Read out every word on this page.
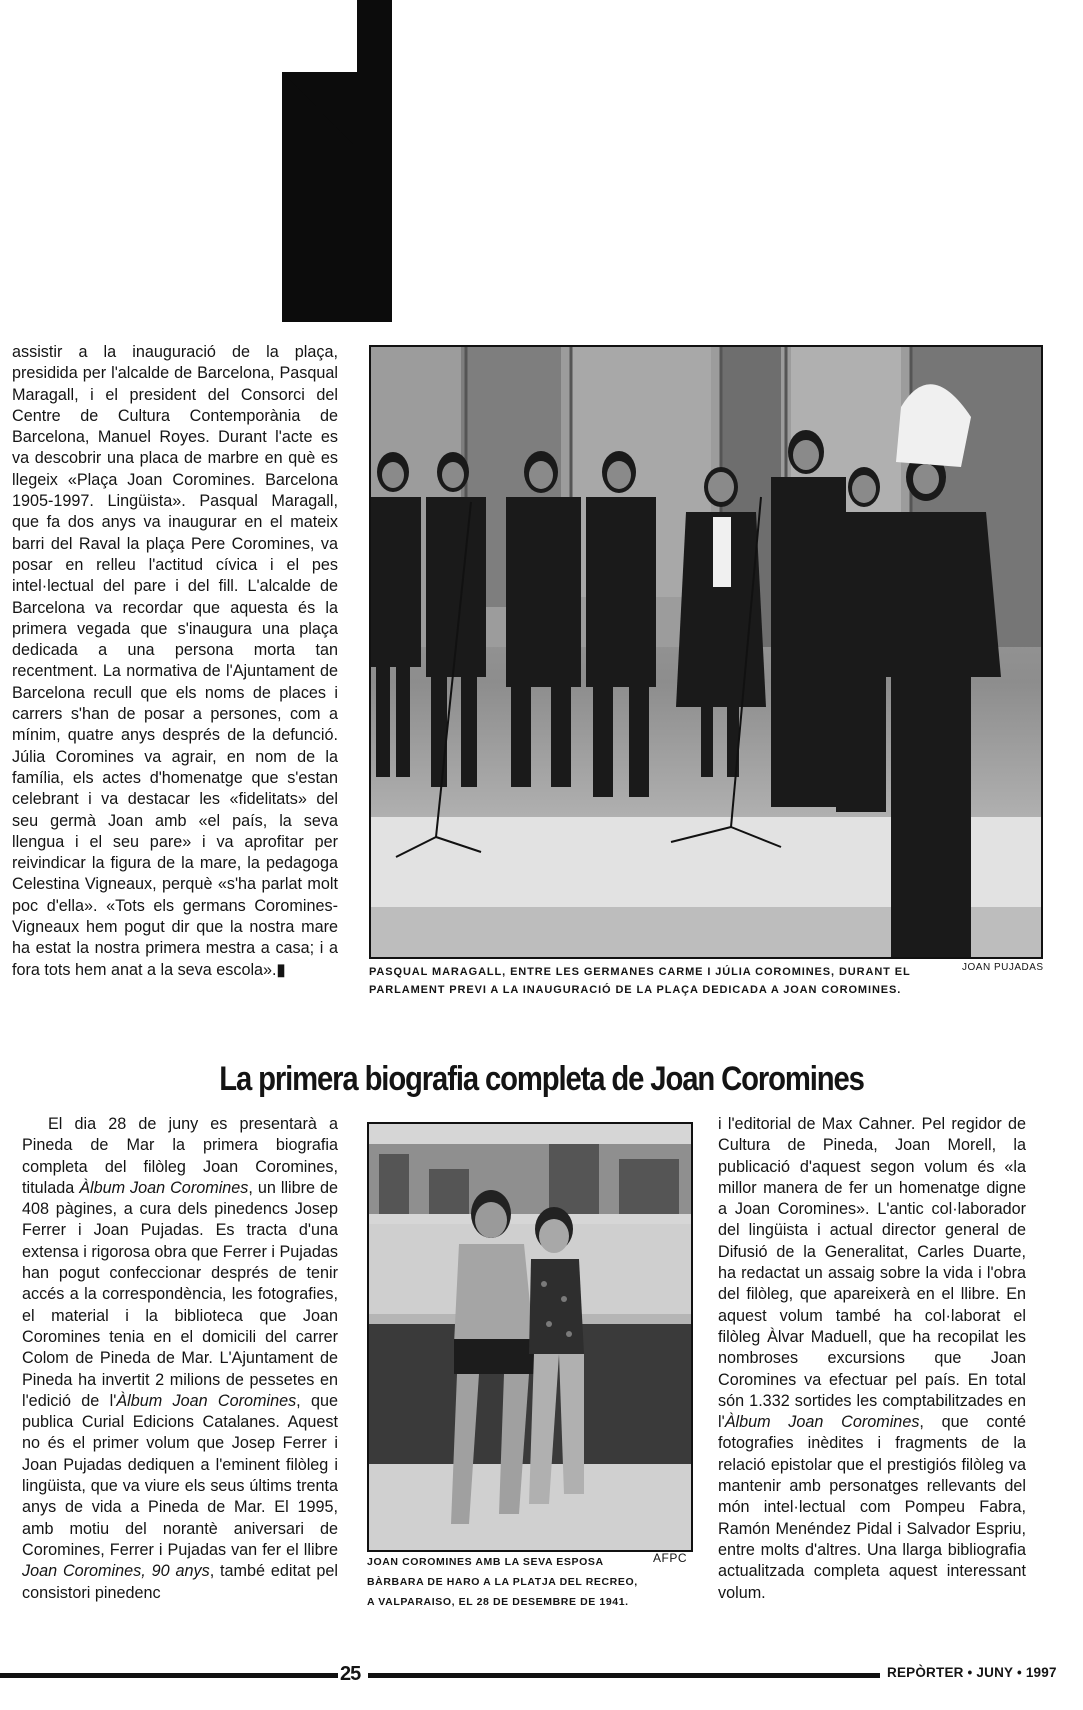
assistir a la inauguració de la plaça, presidida per l'alcalde de Barcelona, Pasqual Maragall, i el president del Consorci del Centre de Cultura Contemporània de Barcelona, Manuel Royes. Durant l'acte es va descobrir una placa de marbre en què es llegeix «Plaça Joan Coromines. Barcelona 1905-1997. Lingüista». Pasqual Maragall, que fa dos anys va inaugurar en el mateix barri del Raval la plaça Pere Coromines, va posar en relleu l'actitud cívica i el pes intel·lectual del pare i del fill. L'alcalde de Barcelona va recordar que aquesta és la primera vegada que s'inaugura una plaça dedicada a una persona morta tan recentment. La normativa de l'Ajuntament de Barcelona recull que els noms de places i carrers s'han de posar a persones, com a mínim, quatre anys després de la defunció. Júlia Coromines va agrair, en nom de la família, els actes d'homenatge que s'estan celebrant i va destacar les «fidelitats» del seu germà Joan amb «el país, la seva llengua i el seu pare» i va aprofitar per reivindicar la figura de la mare, la pedagoga Celestina Vigneaux, perquè «s'ha parlat molt poc d'ella». «Tots els germans Coromines-Vigneaux hem pogut dir que la nostra mare ha estat la nostra primera mestra a casa; i a fora tots hem anat a la seva escola».▮	PASQUAL MARAGALL, ENTRE LES GERMANES CARME I JÚLIA COROMINES, DURANT EL
PARLAMENT PREVI A LA INAUGURACIÓ DE LA PLAÇA DEDICADA A JOAN COROMINES.
JOAN PUJADAS
La primera biografia completa de Joan Coromines

El dia 28 de juny es presentarà a Pineda de Mar la primera biografia completa del filòleg Joan Coromines, titulada Àlbum Joan Coromines, un llibre de 408 pàgines, a cura dels pinedencs Josep Ferrer i Joan Pujadas. Es tracta d'una extensa i rigorosa obra que Ferrer i Pujadas han pogut confeccionar després de tenir accés a la correspondència, les fotografies, el material i la biblioteca que Joan Coromines tenia en el domicili del carrer Colom de Pineda de Mar. L'Ajuntament de Pineda ha invertit 2 milions de pessetes en l'edició de l'Àlbum Joan Coromines, que publica Curial Edicions Catalanes. Aquest no és el primer volum que Josep Ferrer i Joan Pujadas dediquen a l'eminent filòleg i lingüista, que va viure els seus últims trenta anys de vida a Pineda de Mar. El 1995, amb motiu del norantè aniversari de Coromines, Ferrer i Pujadas van fer el llibre Joan Coromines, 90 anys, també editat pel consistori pinedenc

JOAN COROMINES AMB LA SEVA ESPOSA
BÀRBARA DE HARO A LA PLATJA DEL RECREO,
A VALPARAISO, EL 28 DE DESEMBRE DE 1941.
AFPC

i l'editorial de Max Cahner. Pel regidor de Cultura de Pineda, Joan Morell, la publicació d'aquest segon volum és «la millor manera de fer un homenatge digne a Joan Coromines». L'antic col·laborador del lingüista i actual director general de Difusió de la Generalitat, Carles Duarte, ha redactat un assaig sobre la vida i l'obra del filòleg, que apareixerà en el llibre. En aquest volum també ha col·laborat el filòleg Àlvar Maduell, que ha recopilat les nombroses excursions que Joan Coromines va efectuar pel país. En total són 1.332 sortides les comptabilitzades en l'Àlbum Joan Coromines, que conté fotografies inèdites i fragments de la relació epistolar que el prestigiós filòleg va mantenir amb personatges rellevants del món intel·lectual com Pompeu Fabra, Ramón Menéndez Pidal i Salvador Espriu, entre molts d'altres. Una llarga bibliografia actualitzada completa aquest interessant volum.

25	REPÒRTER • JUNY • 1997
